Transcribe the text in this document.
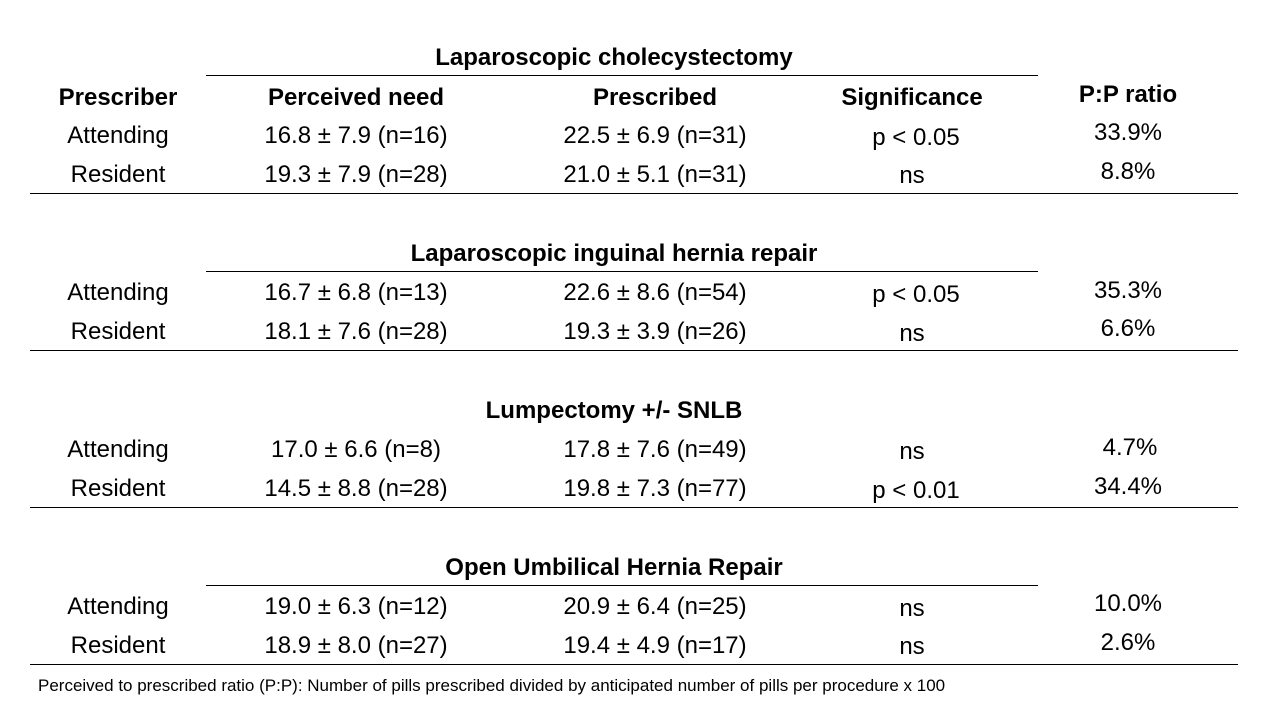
Prescriber	Perceived need	Prescribed	Significance	P:P ratio
Laparoscopic cholecystectomy
Attending	16.8 ± 7.9 (n=16)	22.5 ± 6.9 (n=31)	p < 0.05	33.9%
Resident	19.3 ± 7.9 (n=28)	21.0 ± 5.1 (n=31)	ns	8.8%
Laparoscopic inguinal hernia repair
Attending	16.7 ± 6.8 (n=13)	22.6 ± 8.6 (n=54)	p < 0.05	35.3%
Resident	18.1 ± 7.6 (n=28)	19.3 ± 3.9 (n=26)	ns	6.6%
Lumpectomy +/- SNLB
Attending	17.0 ± 6.6 (n=8)	17.8 ± 7.6 (n=49)	ns	4.7%
Resident	14.5 ± 8.8 (n=28)	19.8 ± 7.3 (n=77)	p < 0.01	34.4%
Open Umbilical Hernia Repair
Attending	19.0 ± 6.3 (n=12)	20.9 ± 6.4 (n=25)	ns	10.0%
Resident	18.9 ± 8.0 (n=27)	19.4 ± 4.9 (n=17)	ns	2.6%
Perceived to prescribed ratio (P:P): Number of pills prescribed divided by anticipated number of pills per procedure x 100
